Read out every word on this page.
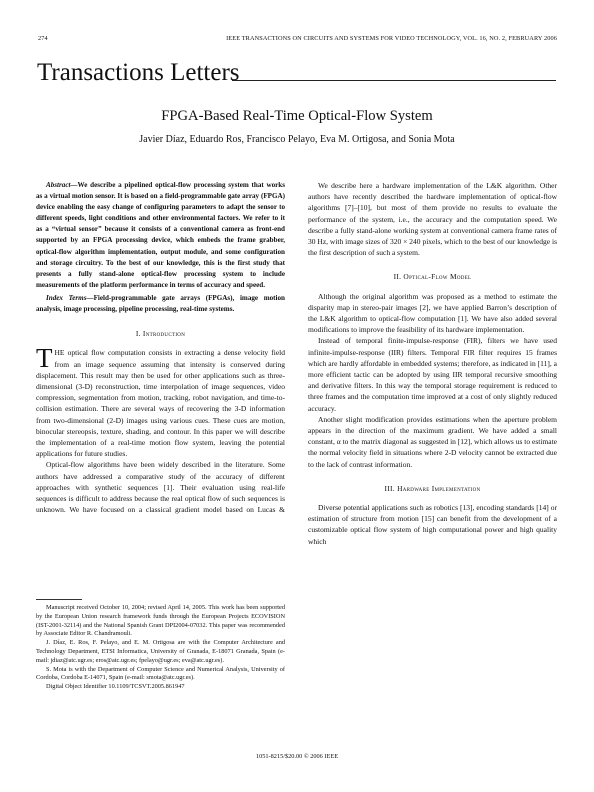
274	IEEE TRANSACTIONS ON CIRCUITS AND SYSTEMS FOR VIDEO TECHNOLOGY, VOL. 16, NO. 2, FEBRUARY 2006
Transactions Letters
FPGA-Based Real-Time Optical-Flow System
Javier Díaz, Eduardo Ros, Francisco Pelayo, Eva M. Ortigosa, and Sonia Mota

Abstract—We describe a pipelined optical-flow processing system that works as a virtual motion sensor. It is based on a field-programmable gate array (FPGA) device enabling the easy change of configuring parameters to adapt the sensor to different speeds, light conditions and other environmental factors. We refer to it as a “virtual sensor” because it consists of a conventional camera as front-end supported by an FPGA processing device, which embeds the frame grabber, optical-flow algorithm implementation, output module, and some configuration and storage circuitry. To the best of our knowledge, this is the first study that presents a fully stand-alone optical-flow processing system to include measurements of the platform performance in terms of accuracy and speed.

Index Terms—Field-programmable gate arrays (FPGAs), image motion analysis, image processing, pipeline processing, real-time systems.

I. Introduction

THE optical flow computation consists in extracting a dense velocity field from an image sequence assuming that intensity is conserved during displacement. This result may then be used for other applications such as three-dimensional (3-D) reconstruction, time interpolation of image sequences, video compression, segmentation from motion, tracking, robot navigation, and time-to-collision estimation. There are several ways of recovering the 3-D information from two-dimensional (2-D) images using various cues. These cues are motion, binocular stereopsis, texture, shading, and contour. In this paper we will describe the implementation of a real-time motion flow system, leaving the potential applications for future studies.

Optical-flow algorithms have been widely described in the literature. Some authors have addressed a comparative study of the accuracy of different approaches with synthetic sequences [1]. Their evaluation using real-life sequences is difficult to address because the real optical flow of such sequences is unknown. We have focused on a classical gradient model based on Lucas &

Manuscript received October 10, 2004; revised April 14, 2005. This work has been supported by the European Union research framework funds through the European Projects ECOVISION (IST-2001-32114) and the National Spanish Grant DPI2004-07032. This paper was recommended by Associate Editor R. Chandramouli.

J. Díaz, E. Ros, F. Pelayo, and E. M. Ortigosa are with the Computer Architecture and Technology Department, ETSI Informatica, University of Granada, E-18071 Granada, Spain (e-mail: jdiaz@atc.ugr.es; eros@atc.ugr.es; fpelayo@ugr.es; eva@atc.ugr.es).

S. Mota is with the Department of Computer Science and Numerical Analysis, University of Cordoba, Cordoba E-14071, Spain (e-mail: smota@atc.ugr.es).

Digital Object Identifier 10.1109/TCSVT.2005.861947

We describe here a hardware implementation of the L&K algorithm. Other authors have recently described the hardware implementation of optical-flow algorithms [7]–[10], but most of them provide no results to evaluate the performance of the system, i.e., the accuracy and the computation speed. We describe a fully stand-alone working system at conventional camera frame rates of 30 Hz, with image sizes of 320 × 240 pixels, which to the best of our knowledge is the first description of such a system.

II. Optical-Flow Model

Although the original algorithm was proposed as a method to estimate the disparity map in stereo-pair images [2], we have applied Barron’s description of the L&K algorithm to optical-flow computation [1]. We have also added several modifications to improve the feasibility of its hardware implementation.

Instead of temporal finite-impulse-response (FIR), filters we have used infinite-impulse-response (IIR) filters. Temporal FIR filter requires 15 frames which are hardly affordable in embedded systems; therefore, as indicated in [11], a more efficient tactic can be adopted by using IIR temporal recursive smoothing and derivative filters. In this way the temporal storage requirement is reduced to three frames and the computation time improved at a cost of only slightly reduced accuracy.

Another slight modification provides estimations when the aperture problem appears in the direction of the maximum gradient. We have added a small constant, α to the matrix diagonal as suggested in [12], which allows us to estimate the normal velocity field in situations where 2-D velocity cannot be extracted due to the lack of contrast information.

III. Hardware Implementation

Diverse potential applications such as robotics [13], encoding standards [14] or estimation of structure from motion [15] can benefit from the development of a customizable optical flow system of high computational power and high quality which

1051-8215/$20.00 © 2006 IEEE
